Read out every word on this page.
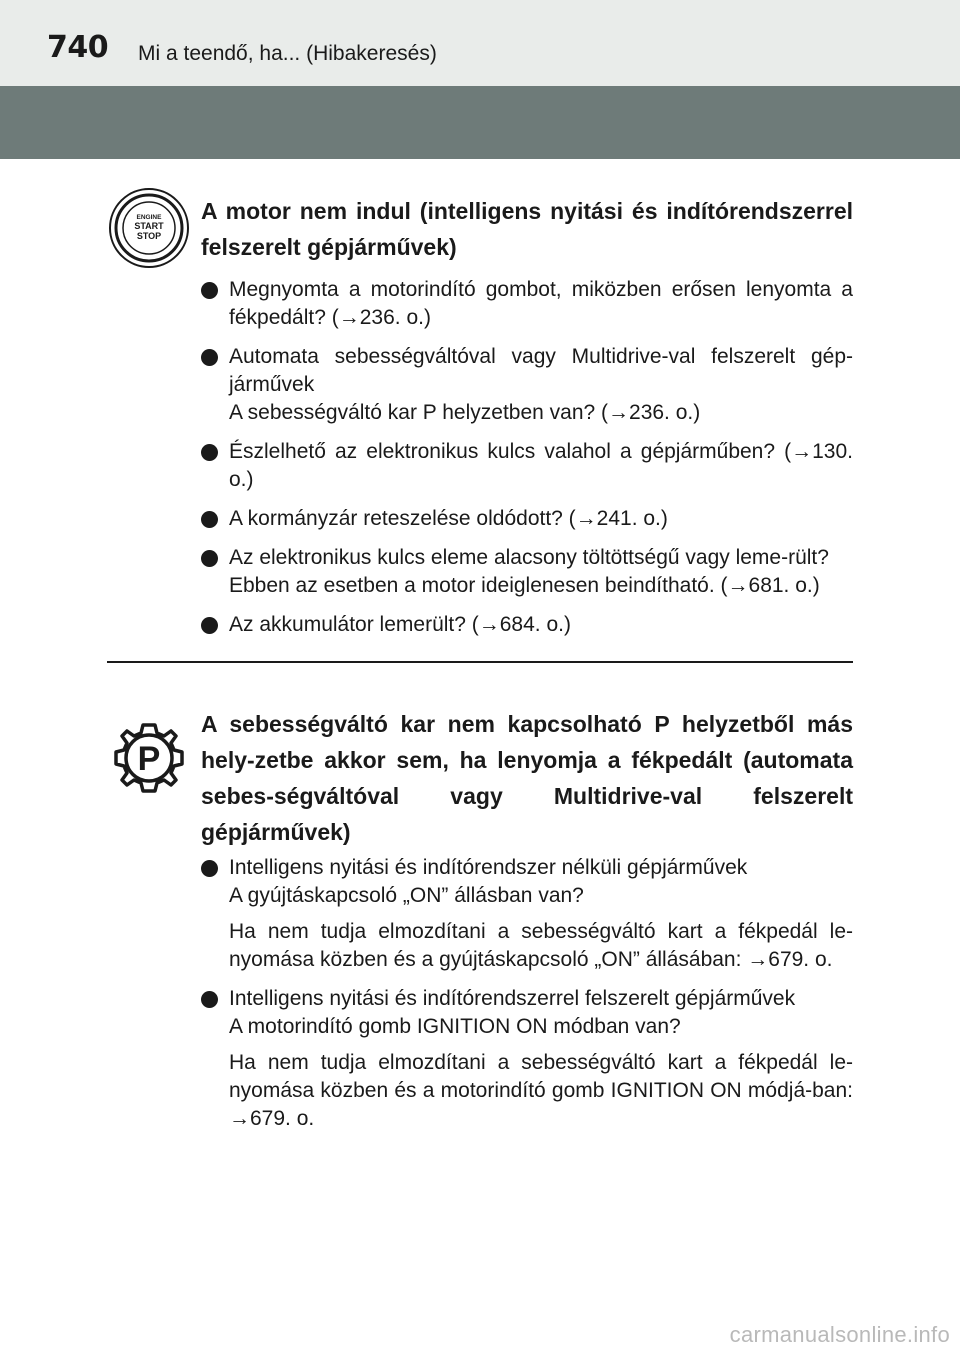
740 Mi a teendő, ha... (Hibakeresés)
ENGINE
START
STOP
A motor nem indul (intelligens nyitási és indítórendszerrel felszerelt gépjárművek)
Megnyomta a motorindító gombot, miközben erősen lenyomta a fékpedált? (→236. o.)
Automata sebességváltóval vagy Multidrive-val felszerelt gép-járművek
A sebességváltó kar P helyzetben van? (→236. o.)
Észlelhető az elektronikus kulcs valahol a gépjárműben? (→130. o.)
A kormányzár reteszelése oldódott? (→241. o.)
Az elektronikus kulcs eleme alacsony töltöttségű vagy leme-rült?
Ebben az esetben a motor ideiglenesen beindítható. (→681. o.)
Az akkumulátor lemerült? (→684. o.)
P
A sebességváltó kar nem kapcsolható P helyzetből más hely-zetbe akkor sem, ha lenyomja a fékpedált (automata sebes-ségváltóval vagy Multidrive-val felszerelt gépjárművek)
Intelligens nyitási és indítórendszer nélküli gépjárművek
A gyújtáskapcsoló „ON” állásban van?
Ha nem tudja elmozdítani a sebességváltó kart a fékpedál le-nyomása közben és a gyújtáskapcsoló „ON” állásában: →679. o.
Intelligens nyitási és indítórendszerrel felszerelt gépjárművek
A motorindító gomb IGNITION ON módban van?
Ha nem tudja elmozdítani a sebességváltó kart a fékpedál le-nyomása közben és a motorindító gomb IGNITION ON módjá-ban: →679. o.
carmanualsonline.info
